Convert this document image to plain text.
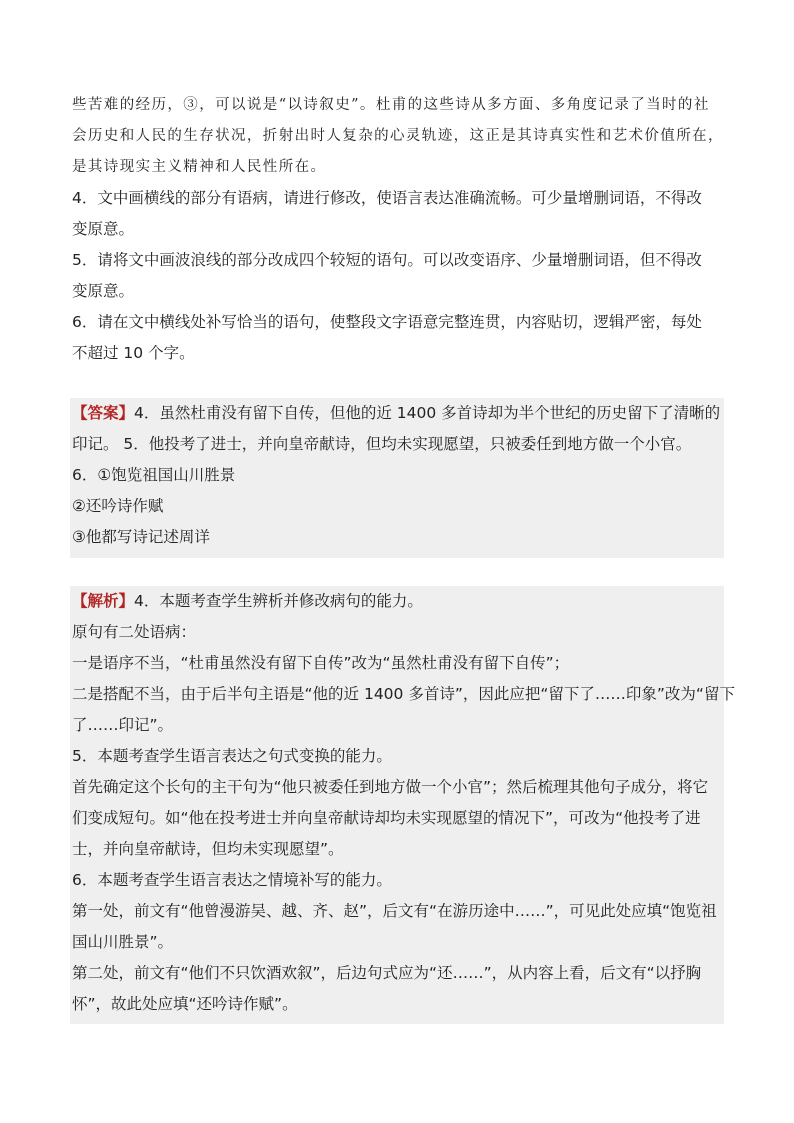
些苦难的经历，③，可以说是“以诗叙史”。杜甫的这些诗从多方面、多角度记录了当时的社
会历史和人民的生存状况，折射出时人复杂的心灵轨迹，这正是其诗真实性和艺术价值所在，
是其诗现实主义精神和人民性所在。
4．文中画横线的部分有语病，请进行修改，使语言表达准确流畅。可少量增删词语，不得改
变原意。
5．请将文中画波浪线的部分改成四个较短的语句。可以改变语序、少量增删词语，但不得改
变原意。
6．请在文中横线处补写恰当的语句，使整段文字语意完整连贯，内容贴切，逻辑严密，每处
不超过 10 个字。
【答案】4．虽然杜甫没有留下自传，但他的近 1400 多首诗却为半个世纪的历史留下了清晰的
印记。 5．他投考了进士，并向皇帝献诗，但均未实现愿望，只被委任到地方做一个小官。
6．①饱览祖国山川胜景
②还吟诗作赋
③他都写诗记述周详
【解析】4．本题考查学生辨析并修改病句的能力。
原句有二处语病：
一是语序不当，“杜甫虽然没有留下自传”改为“虽然杜甫没有留下自传”；
二是搭配不当，由于后半句主语是“他的近 1400 多首诗”，因此应把“留下了……印象”改为“留下
了……印记”。
5．本题考查学生语言表达之句式变换的能力。
首先确定这个长句的主干句为“他只被委任到地方做一个小官”；然后梳理其他句子成分，将它
们变成短句。如“他在投考进士并向皇帝献诗却均未实现愿望的情况下”，可改为“他投考了进
士，并向皇帝献诗，但均未实现愿望”。
6．本题考查学生语言表达之情境补写的能力。
第一处，前文有“他曾漫游吴、越、齐、赵”，后文有“在游历途中……”，可见此处应填“饱览祖
国山川胜景”。
第二处，前文有“他们不只饮酒欢叙”，后边句式应为“还……”，从内容上看，后文有“以抒胸
怀”，故此处应填“还吟诗作赋”。
